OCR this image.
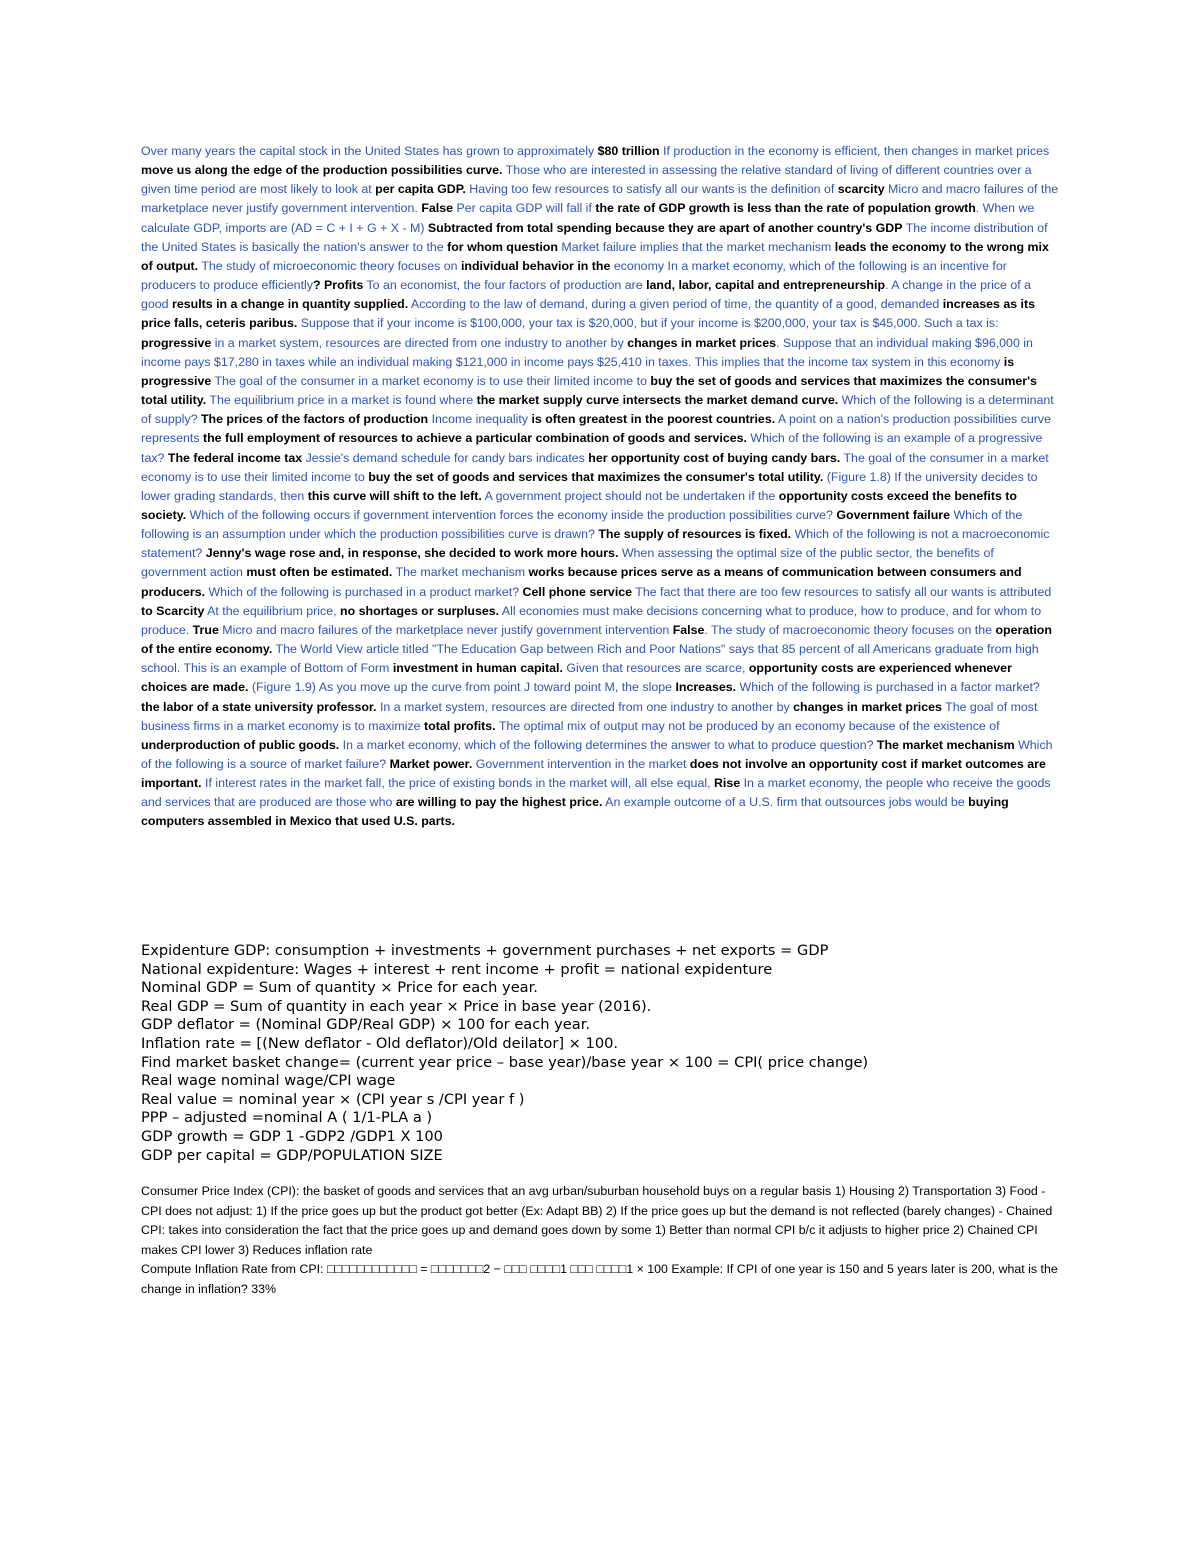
Over many years the capital stock in the United States has grown to approximately $80 trillion If production in the economy is efficient, then changes in market prices move us along the edge of the production possibilities curve. Those who are interested in assessing the relative standard of living of different countries over a given time period are most likely to look at per capita GDP. Having too few resources to satisfy all our wants is the definition of scarcity Micro and macro failures of the marketplace never justify government intervention. False Per capita GDP will fall if the rate of GDP growth is less than the rate of population growth. When we calculate GDP, imports are (AD = C + I + G + X - M) Subtracted from total spending because they are apart of another country's GDP The income distribution of the United States is basically the nation's answer to the for whom question Market failure implies that the market mechanism leads the economy to the wrong mix of output. The study of microeconomic theory focuses on individual behavior in the economy In a market economy, which of the following is an incentive for producers to produce efficiently? Profits To an economist, the four factors of production are land, labor, capital and entrepreneurship. A change in the price of a good results in a change in quantity supplied. According to the law of demand, during a given period of time, the quantity of a good, demanded increases as its price falls, ceteris paribus. Suppose that if your income is $100,000, your tax is $20,000, but if your income is $200,000, your tax is $45,000. Such a tax is: progressive in a market system, resources are directed from one industry to another by changes in market prices. Suppose that an individual making $96,000 in income pays $17,280 in taxes while an individual making $121,000 in income pays $25,410 in taxes. This implies that the income tax system in this economy is progressive The goal of the consumer in a market economy is to use their limited income to buy the set of goods and services that maximizes the consumer's total utility. The equilibrium price in a market is found where the market supply curve intersects the market demand curve. Which of the following is a determinant of supply? The prices of the factors of production Income inequality is often greatest in the poorest countries. A point on a nation's production possibilities curve represents the full employment of resources to achieve a particular combination of goods and services. Which of the following is an example of a progressive tax? The federal income tax Jessie's demand schedule for candy bars indicates her opportunity cost of buying candy bars. The goal of the consumer in a market economy is to use their limited income to buy the set of goods and services that maximizes the consumer's total utility. (Figure 1.8) If the university decides to lower grading standards, then this curve will shift to the left. A government project should not be undertaken if the opportunity costs exceed the benefits to society. Which of the following occurs if government intervention forces the economy inside the production possibilities curve? Government failure Which of the following is an assumption under which the production possibilities curve is drawn? The supply of resources is fixed. Which of the following is not a macroeconomic statement? Jenny's wage rose and, in response, she decided to work more hours. When assessing the optimal size of the public sector, the benefits of government action must often be estimated. The market mechanism works because prices serve as a means of communication between consumers and producers. Which of the following is purchased in a product market? Cell phone service The fact that there are too few resources to satisfy all our wants is attributed to Scarcity At the equilibrium price, no shortages or surpluses. All economies must make decisions concerning what to produce, how to produce, and for whom to produce. True Micro and macro failures of the marketplace never justify government intervention False. The study of macroeconomic theory focuses on the operation of the entire economy. The World View article titled "The Education Gap between Rich and Poor Nations" says that 85 percent of all Americans graduate from high school. This is an example of Bottom of Form investment in human capital. Given that resources are scarce, opportunity costs are experienced whenever choices are made. (Figure 1.9) As you move up the curve from point J toward point M, the slope Increases. Which of the following is purchased in a factor market? the labor of a state university professor. In a market system, resources are directed from one industry to another by changes in market prices The goal of most business firms in a market economy is to maximize total profits. The optimal mix of output may not be produced by an economy because of the existence of underproduction of public goods. In a market economy, which of the following determines the answer to what to produce question? The market mechanism Which of the following is a source of market failure? Market power. Government intervention in the market does not involve an opportunity cost if market outcomes are important. If interest rates in the market fall, the price of existing bonds in the market will, all else equal, Rise In a market economy, the people who receive the goods and services that are produced are those who are willing to pay the highest price. An example outcome of a U.S. firm that outsources jobs would be buying computers assembled in Mexico that used U.S. parts.
Expidenture GDP: consumption + investments + government purchases + net exports = GDP
National expidenture: Wages + interest + rent income + profit = national expidenture
Nominal GDP = Sum of quantity × Price for each year.
Real GDP = Sum of quantity in each year × Price in base year (2016).
GDP deflator = (Nominal GDP/Real GDP) × 100 for each year.
Inflation rate = [(New deflator - Old deflator)/Old deilator] × 100.
Find market basket change= (current year price – base year)/base year × 100 = CPI( price change)
Real wage nominal wage/CPI wage
Real value = nominal year × (CPI year s /CPI year f )
PPP – adjusted =nominal A ( 1/1-PLA a )
GDP growth = GDP 1 -GDP2 /GDP1 X 100
GDP per capital = GDP/POPULATION SIZE
Consumer Price Index (CPI): the basket of goods and services that an avg urban/suburban household buys on a regular basis 1) Housing 2) Transportation 3) Food - CPI does not adjust: 1) If the price goes up but the product got better (Ex: Adapt BB) 2) If the price goes up but the demand is not reflected (barely changes) - Chained CPI: takes into consideration the fact that the price goes up and demand goes down by some 1) Better than normal CPI b/c it adjusts to higher price 2) Chained CPI makes CPI lower 3) Reduces inflation rate
Compute Inflation Rate from CPI: □□□□□□□□□□□□ = □□□□□□□2 − □□□ □□□□1 □□□ □□□□1 × 100 Example: If CPI of one year is 150 and 5 years later is 200, what is the change in inflation? 33%
